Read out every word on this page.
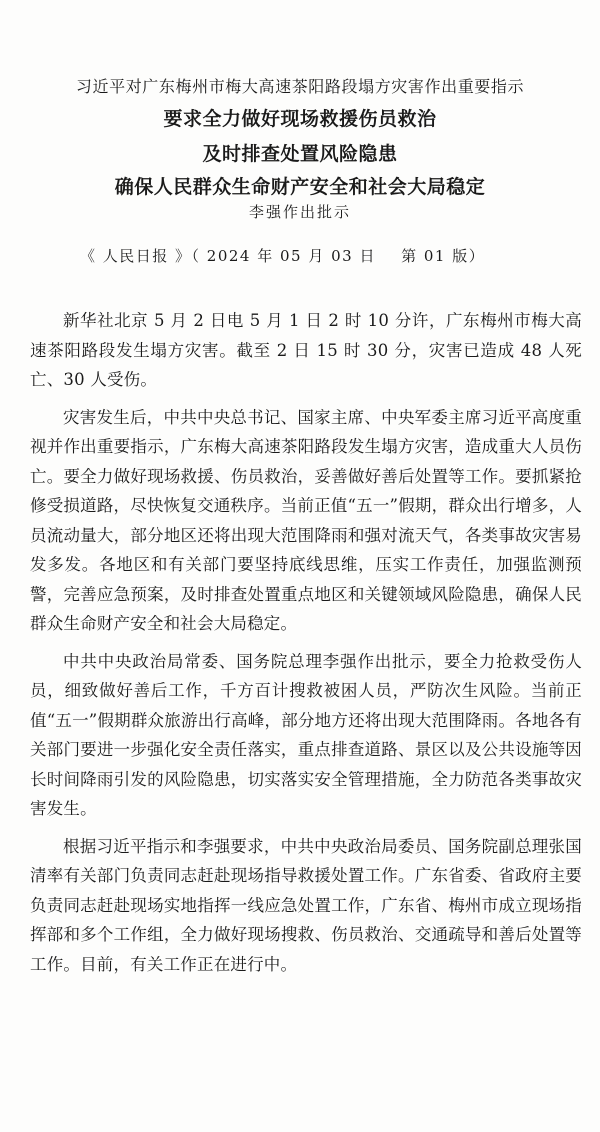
习近平对广东梅州市梅大高速茶阳路段塌方灾害作出重要指示
要求全力做好现场救援伤员救治
及时排查处置风险隐患
确保人民群众生命财产安全和社会大局稳定
李强作出批示
《 人民日报 》（ 2024 年 05 月 03 日    第 01 版）

新华社北京 5 月 2 日电 5 月 1 日 2 时 10 分许，广东梅州市梅大高速茶阳路段发生塌方灾害。截至 2 日 15 时 30 分，灾害已造成 48 人死亡、30 人受伤。

灾害发生后，中共中央总书记、国家主席、中央军委主席习近平高度重视并作出重要指示，广东梅大高速茶阳路段发生塌方灾害，造成重大人员伤亡。要全力做好现场救援、伤员救治，妥善做好善后处置等工作。要抓紧抢修受损道路，尽快恢复交通秩序。当前正值“五一”假期，群众出行增多，人员流动量大，部分地区还将出现大范围降雨和强对流天气，各类事故灾害易发多发。各地区和有关部门要坚持底线思维，压实工作责任，加强监测预警，完善应急预案，及时排查处置重点地区和关键领域风险隐患，确保人民群众生命财产安全和社会大局稳定。

中共中央政治局常委、国务院总理李强作出批示，要全力抢救受伤人员，细致做好善后工作，千方百计搜救被困人员，严防次生风险。当前正值“五一”假期群众旅游出行高峰，部分地方还将出现大范围降雨。各地各有关部门要进一步强化安全责任落实，重点排查道路、景区以及公共设施等因长时间降雨引发的风险隐患，切实落实安全管理措施，全力防范各类事故灾害发生。

根据习近平指示和李强要求，中共中央政治局委员、国务院副总理张国清率有关部门负责同志赶赴现场指导救援处置工作。广东省委、省政府主要负责同志赶赴现场实地指挥一线应急处置工作，广东省、梅州市成立现场指挥部和多个工作组，全力做好现场搜救、伤员救治、交通疏导和善后处置等工作。目前，有关工作正在进行中。
